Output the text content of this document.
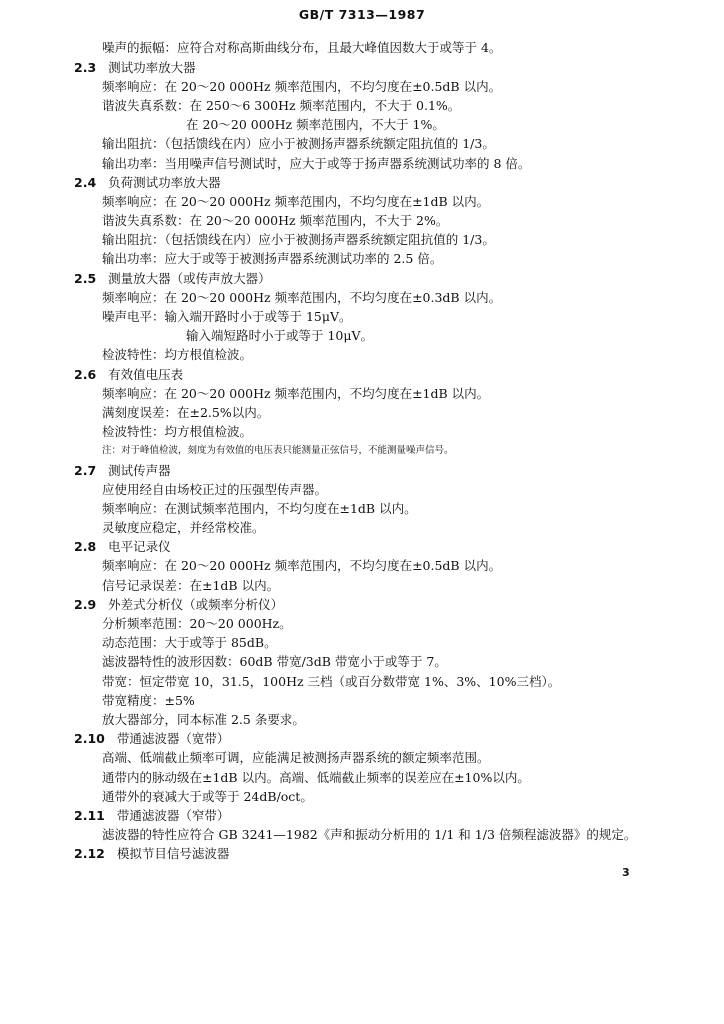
GB/T 7313—1987
噪声的振幅：应符合对称高斯曲线分布，且最大峰值因数大于或等于 4。
2.3 测试功率放大器
频率响应：在 20～20 000Hz 频率范围内，不均匀度在±0.5dB 以内。
谐波失真系数：在 250～6 300Hz 频率范围内，不大于 0.1%。
在 20～20 000Hz 频率范围内，不大于 1%。
输出阻抗：（包括馈线在内）应小于被测扬声器系统额定阻抗值的 1/3。
输出功率：当用噪声信号测试时，应大于或等于扬声器系统测试功率的 8 倍。
2.4 负荷测试功率放大器
频率响应：在 20～20 000Hz 频率范围内，不均匀度在±1dB 以内。
谐波失真系数：在 20～20 000Hz 频率范围内，不大于 2%。
输出阻抗：（包括馈线在内）应小于被测扬声器系统额定阻抗值的 1/3。
输出功率：应大于或等于被测扬声器系统测试功率的 2.5 倍。
2.5 测量放大器（或传声放大器）
频率响应：在 20～20 000Hz 频率范围内，不均匀度在±0.3dB 以内。
噪声电平：输入端开路时小于或等于 15μV。
输入端短路时小于或等于 10μV。
检波特性：均方根值检波。
2.6 有效值电压表
频率响应：在 20～20 000Hz 频率范围内，不均匀度在±1dB 以内。
满刻度误差：在±2.5%以内。
检波特性：均方根值检波。
注：对于峰值检波，刻度为有效值的电压表只能测量正弦信号，不能测量噪声信号。
2.7 测试传声器
应使用经自由场校正过的压强型传声器。
频率响应：在测试频率范围内，不均匀度在±1dB 以内。
灵敏度应稳定，并经常校准。
2.8 电平记录仪
频率响应：在 20～20 000Hz 频率范围内，不均匀度在±0.5dB 以内。
信号记录误差：在±1dB 以内。
2.9 外差式分析仪（或频率分析仪）
分析频率范围：20～20 000Hz。
动态范围：大于或等于 85dB。
滤波器特性的波形因数：60dB 带宽/3dB 带宽小于或等于 7。
带宽：恒定带宽 10，31.5，100Hz 三档（或百分数带宽 1%、3%、10%三档）。
带宽精度：±5%
放大器部分，同本标准 2.5 条要求。
2.10 带通滤波器（宽带）
高端、低端截止频率可调，应能满足被测扬声器系统的额定频率范围。
通带内的脉动级在±1dB 以内。高端、低端截止频率的误差应在±10%以内。
通带外的衰减大于或等于 24dB/oct。
2.11 带通滤波器（窄带）
滤波器的特性应符合 GB 3241—1982《声和振动分析用的 1/1 和 1/3 倍频程滤波器》的规定。
2.12 模拟节目信号滤波器
3
